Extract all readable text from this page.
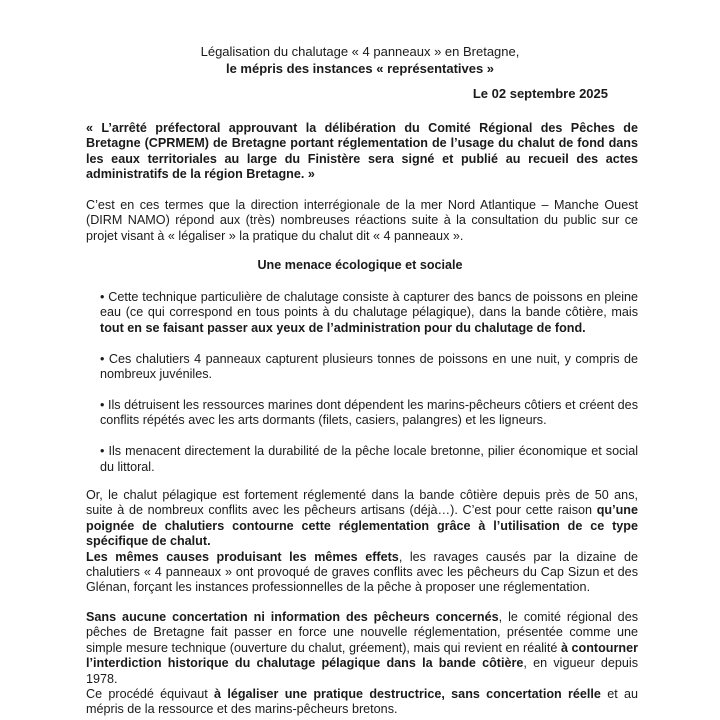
Légalisation du chalutage « 4 panneaux » en Bretagne,
le mépris des instances « représentatives »
Le 02 septembre 2025

« L’arrêté préfectoral approuvant la délibération du Comité Régional des Pêches de Bretagne (CPRMEM) de Bretagne portant réglementation de l’usage du chalut de fond dans les eaux territoriales au large du Finistère sera signé et publié au recueil des actes administratifs de la région Bretagne. »

C’est en ces termes que la direction interrégionale de la mer Nord Atlantique – Manche Ouest (DIRM NAMO) répond aux (très) nombreuses réactions suite à la consultation du public sur ce projet visant à « légaliser » la pratique du chalut dit « 4 panneaux ».

Une menace écologique et sociale

• Cette technique particulière de chalutage consiste à capturer des bancs de poissons en pleine eau (ce qui correspond en tous points à du chalutage pélagique), dans la bande côtière, mais tout en se faisant passer aux yeux de l’administration pour du chalutage de fond.

• Ces chalutiers 4 panneaux capturent plusieurs tonnes de poissons en une nuit, y compris de nombreux juvéniles.

• Ils détruisent les ressources marines dont dépendent les marins-pêcheurs côtiers et créent des conflits répétés avec les arts dormants (filets, casiers, palangres) et les ligneurs.

• Ils menacent directement la durabilité de la pêche locale bretonne, pilier économique et social du littoral.

Or, le chalut pélagique est fortement réglementé dans la bande côtière depuis près de 50 ans, suite à de nombreux conflits avec les pêcheurs artisans (déjà…). C’est pour cette raison qu’une poignée de chalutiers contourne cette réglementation grâce à l’utilisation de ce type spécifique de chalut.
Les mêmes causes produisant les mêmes effets, les ravages causés par la dizaine de chalutiers « 4 panneaux » ont provoqué de graves conflits avec les pêcheurs du Cap Sizun et des Glénan, forçant les instances professionnelles de la pêche à proposer une réglementation.

Sans aucune concertation ni information des pêcheurs concernés, le comité régional des pêches de Bretagne fait passer en force une nouvelle réglementation, présentée comme une simple mesure technique (ouverture du chalut, gréement), mais qui revient en réalité à contourner l’interdiction historique du chalutage pélagique dans la bande côtière, en vigueur depuis 1978.

Ce procédé équivaut à légaliser une pratique destructrice, sans concertation réelle et au mépris de la ressource et des marins-pêcheurs bretons.
